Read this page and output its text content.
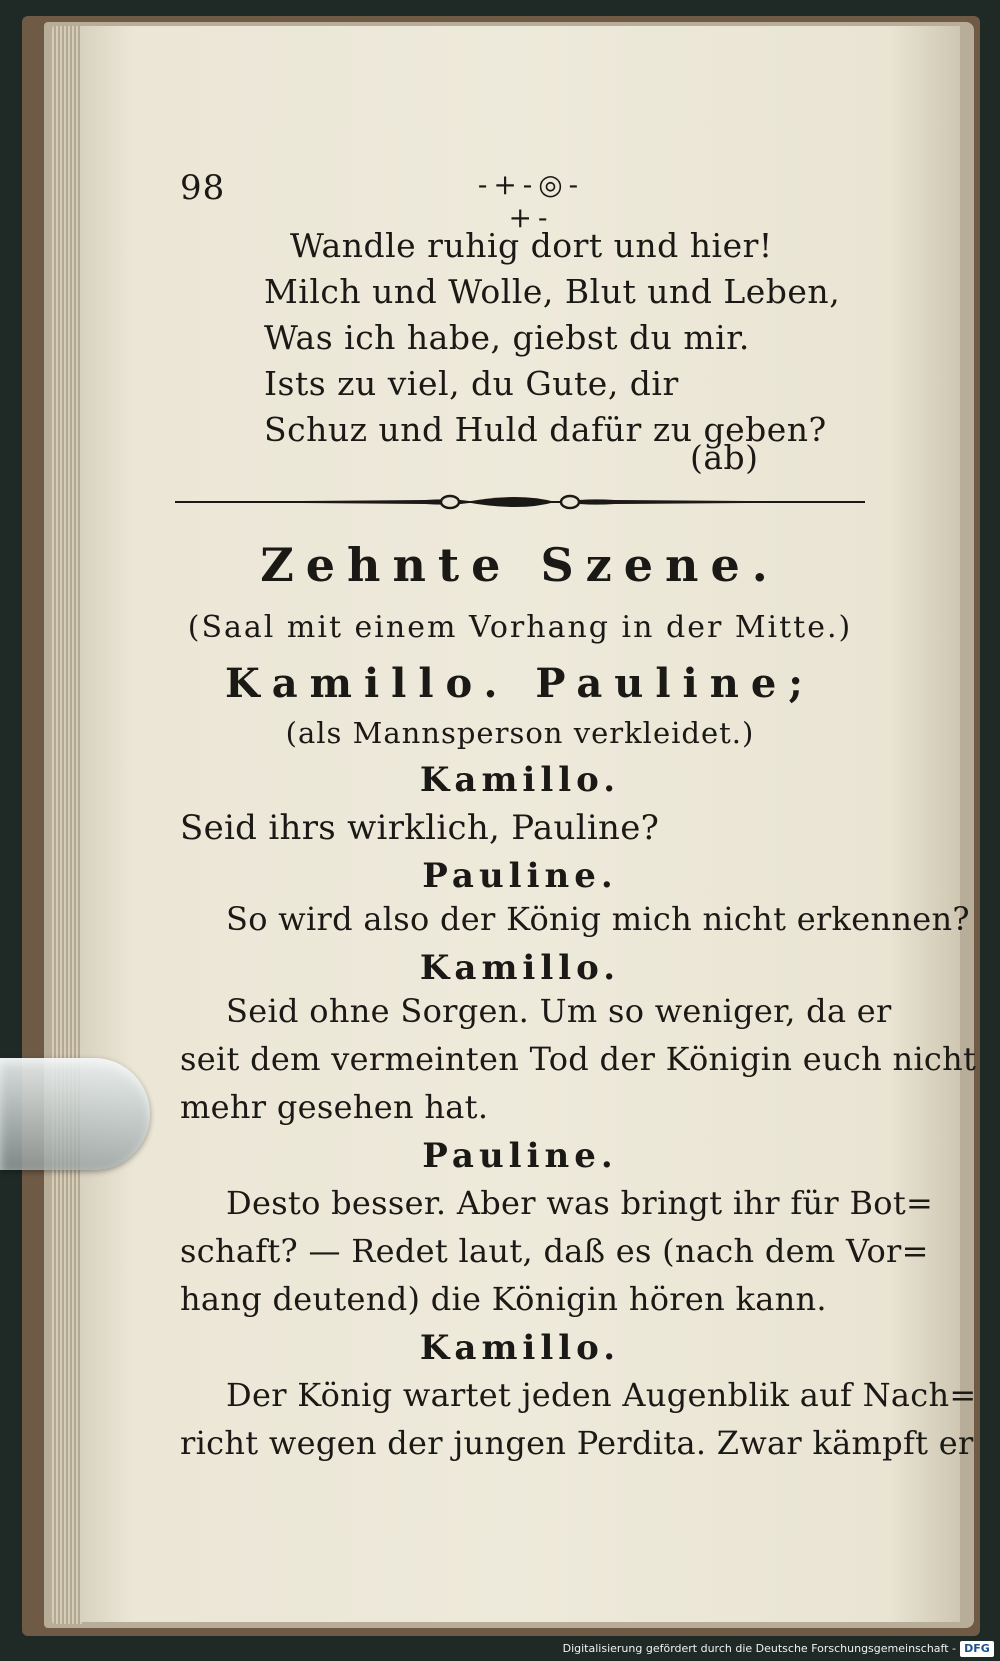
98	-+-◎-+-
Wandle ruhig dort und hier!
Milch und Wolle, Blut und Leben,
Was ich habe, giebst du mir.
Ists zu viel, du Gute, dir
Schuz und Huld dafür zu geben?
(ab)
Zehnte Szene.
(Saal mit einem Vorhang in der Mitte.)
Kamillo. Pauline;
(als Mannsperson verkleidet.)
Kamillo.
Seid ihrs wirklich, Pauline?
Pauline.
So wird also der König mich nicht erkennen?
Kamillo.
Seid ohne Sorgen. Um so weniger, da er
seit dem vermeinten Tod der Königin euch nicht
mehr gesehen hat.
Pauline.
Desto besser. Aber was bringt ihr für Bot=
schaft? — Redet laut, daß es (nach dem Vor=
hang deutend) die Königin hören kann.
Kamillo.
Der König wartet jeden Augenblik auf Nach=
richt wegen der jungen Perdita. Zwar kämpft er
Digitalisierung gefördert durch die Deutsche Forschungsgemeinschaft - DFG
